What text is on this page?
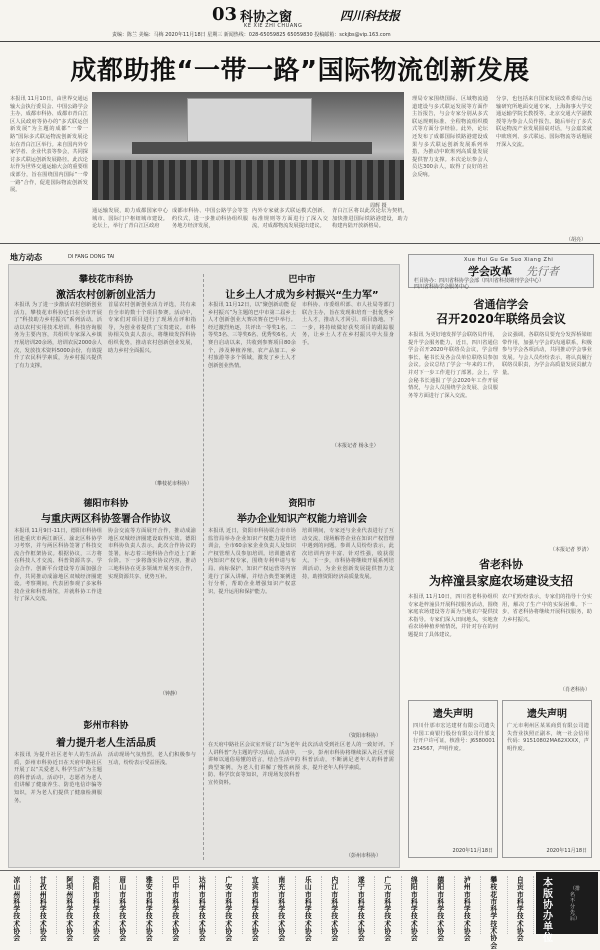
03 科协之窗
KE XIE ZHI CHUANG
四川科技报
责编：陈兰 美编：马梅 2020年11月18日 星期三 新闻热线：028-65059825 65059830 投稿邮箱：sckjbs@vip.163.com
成都助推“一带一路”国际物流创新发展
本报讯 11月10日，由世界交通运输大会执行委员会、中国公路学会主办，成都市科协、成都市青白江区人民政府等协办的“多式联运创新发展”为主题的成都“一带一路”国际多式联运物流创新发展论坛在青白江区举行。来自国内外专家学者、企业代表等参会，共同探讨多式联运创新发展路径。此次论坛作为世界交通运输大会的重要组成部分，旨在围绕国内国际“一带一路”合作，促进国际物流创新发展。
周辉 摄
通运输发展，助力成都国家中心城市、国际门户枢纽城市建设。论坛上，举行了青白江区政府
成都市科协、中国公路学会等签约仪式，进一步推动科协组织服务地方经济发展，
内外专家就多式联运模式创新、标准规则等方面进行了深入交流，对成都物流发展提出建议。
青白江区将以此次论坛为契机，加快推进国际铁路港建设，助力构建内陆开放新格局。
理局专家围绕国际、区域物流通道建设与多式联运发展等方面作主旨报告，与会专家分别从多式联运规则标准、全程物流组织模式等方面分享经验。此外，论坛还发布了成都国际铁路港建设成果与多式联运创新发展系列举措，为推动中欧班列高质量发展提供智力支撑。本次论坛参会人员达300余人，取得了良好的社会反响。
分享，也包括来自国家发展改革委综合运输研究所地面交通专家，上海海事大学交通运输学院长教授等，北京交通大学副教授等为参会人员作报告。随后举行了多式联运物流产业发展圆桌对话，与会嘉宾就中欧班列、多式联运、国际物流等话题展开深入交流。
（胡亮）
地方动态	DI FANG DONG TAI
攀枝花市科协
激活农村创新创业活力
本报讯 为了进一步激活农村创新创业活力，攀枝花市科协近日在全市开展了“科技助力乡村振兴”系列活动。活动以农村实用技术培训、科技咨询服务为主要内容，共组织专家深入乡镇开展培训20余场，培训农民2000余人次，发放技术资料5000余份，有效提升了农民科学素质，为乡村振兴提供了有力支撑。
首届农村创新创业活力评选，共有来自全市的数十个项目参赛。活动中，专家们对项目进行了现场点评和指导，为创业者提供了宝贵建议。市科协相关负责人表示，将继续发挥科协组织优势，推动农村创新创业发展，助力乡村全面振兴。
（攀枝花市科协）
德阳市科协
与重庆两区科协签署合作协议
本报讯 11月9日-11日，德阳市科协组团赴重庆市两江新区、渝北区科协学习考察，并与两区科协签署了科技交流合作框架协议。根据协议，三方将在科技人才交流、科普资源共享、学会合作、创新平台建设等方面加强合作，共同推动成渝地区双城经济圈建设。考察期间，代表团参观了多家科技企业和科普场馆，并就科协工作进行了深入交流。
协会交流等方面展开合作，推动成渝地区双城经济圈建设取得实效。德阳市科协负责人表示，此次合作协议的签署，标志着三地科协合作迈上了新台阶。下一步将落实协议内容，推动三地科协在更多领域开展务实合作，实现资源共享、优势互补。
（钟静）
巴中市
让乡土人才成为乡村振兴“生力军”
本报讯 11月12日，以“聚创新动能 促乡村振兴”为主题的巴中市第二届乡土人才创新创业大赛决赛在巴中举行。经过激烈角逐，共评出一等奖1名、二等奖3名、三等奖6名、优秀奖6名。大赛自启动以来，共收到参赛项目80余个，涉及种植养殖、农产品加工、乡村旅游等多个领域，激发了乡土人才创新创业热情。
市科协、市委组织部、市人社局等部门联合主办，旨在发现和培育一批优秀乡土人才，推动人才回引、项目落地。下一步，将持续做好获奖项目的跟踪服务，让乡土人才在乡村振兴中大显身手。
（本报记者 杨永圭）
资阳市
举办企业知识产权能力培训会
本报讯 近日，资阳市科协联合市市场监管局举办企业知识产权能力提升培训会，全市60余家企业负责人及知识产权管理人员参加培训。培训邀请省内知识产权专家，围绕专利申请与布局、商标保护、知识产权运营等内容进行了深入讲解，并结合典型案例进行分析，帮助企业增强知识产权意识，提升运用和保护能力。
培训期间，专家还与企业代表进行了互动交流，现场解答企业在知识产权管理中遇到的问题。参训人员纷纷表示，此次培训内容丰富、针对性强，收获很大。下一步，市科协将继续开展系列培训活动，为企业创新发展提供智力支持，助推资阳经济高质量发展。
（资阳市科协）
彭州市科协
着力提升老人生活品质
本报讯 为提升社区老年人的生活品质，彭州市科协近日在天府中路社区开展了以“关爱老人 科学生活”为主题的科普活动。活动中，志愿者为老人们讲解了健康养生、防范电信诈骗等知识，并为老人们提供了健康检测服务。
活动现场气氛热烈，老人们积极参与互动，纷纷表示受益匪浅。
在天府中路社区会议室开展了以“为老年人讲科普”为主题的学习活动。活动中，讲师以通俗易懂的语言，结合生活中的典型案例，为老人们讲解了慢性病预防、科学饮食等知识，并现场发放科普宣传资料。
此次活动受到社区老人的一致好评。下一步，彭州市科协将继续深入社区开展科普活动，不断满足老年人的科普需求，提升老年人科学素质。
（彭州市科协）
Xue Hui Gu Ge Suo Xiang Zhi
学会改革 先行者
栏目协办：四川省科协学会部（四川省科技期刊学会中心）
四川省科协学会服务中心
省通信学会
召开2020年联络员会议
本报讯 为更好地发挥学会联络员作用，提升学会服务能力，近日，四川省通信学会召开2020年联络员会议，学会理事长、秘书长及各会员单位联络员参加会议。会议总结了学会一年来的工作，并对下一步工作进行了部署。会上，学会秘书长通报了学会2020年工作开展情况，与会人员围绕学会发展、会员服务等方面进行了深入交流。
会议强调，各联络员要充分发挥桥梁纽带作用，加强与学会的沟通联系，积极参与学会各项活动，共同推动学会事业发展。与会人员纷纷表示，将认真履行联络员职责，为学会高质量发展贡献力量。
（本报记者 罗清）
省老科协
为梓潼县家庭农场建设支招
本报讯 11月10日，四川省老科协组织专家赴梓潼县开展科技服务活动，围绕家庭农场建设等方面为当地农户提供技术指导。专家们深入田间地头，实地查看农场种植养殖情况，并针对存在的问题提出了具体建议。
农户们纷纷表示，专家们的指导十分实用，解决了生产中的实际困难。下一步，省老科协将继续开展科技服务，助力乡村振兴。
（肖老科协）
遗失声明
四川什邡市宏达建材有限公司遗失中国工商银行股份有限公司什邡支行开户许可证，核准号：J6580001234567，声明作废。
2020年11月18日
遗失声明
广元市利州区某某商贸有限公司遗失营业执照正副本，统一社会信用代码：91510802MA62XXXX，声明作废。
2020年11月18日
凉山州科学技术协会
甘孜州科学技术协会
阿坝州科学技术协会
资阳市科学技术协会
眉山市科学技术协会
雅安市科学技术协会
巴中市科学技术协会
达州市科学技术协会
广安市科学技术协会
宜宾市科学技术协会
南充市科学技术协会
乐山市科学技术协会
内江市科学技术协会
遂宁市科学技术协会
广元市科学技术协会
绵阳市科学技术协会
德阳市科学技术协会
泸州市科学技术协会
攀枝花市科学技术协会
自贡市科学技术协会
本版协办单位
（排名不分先后）
